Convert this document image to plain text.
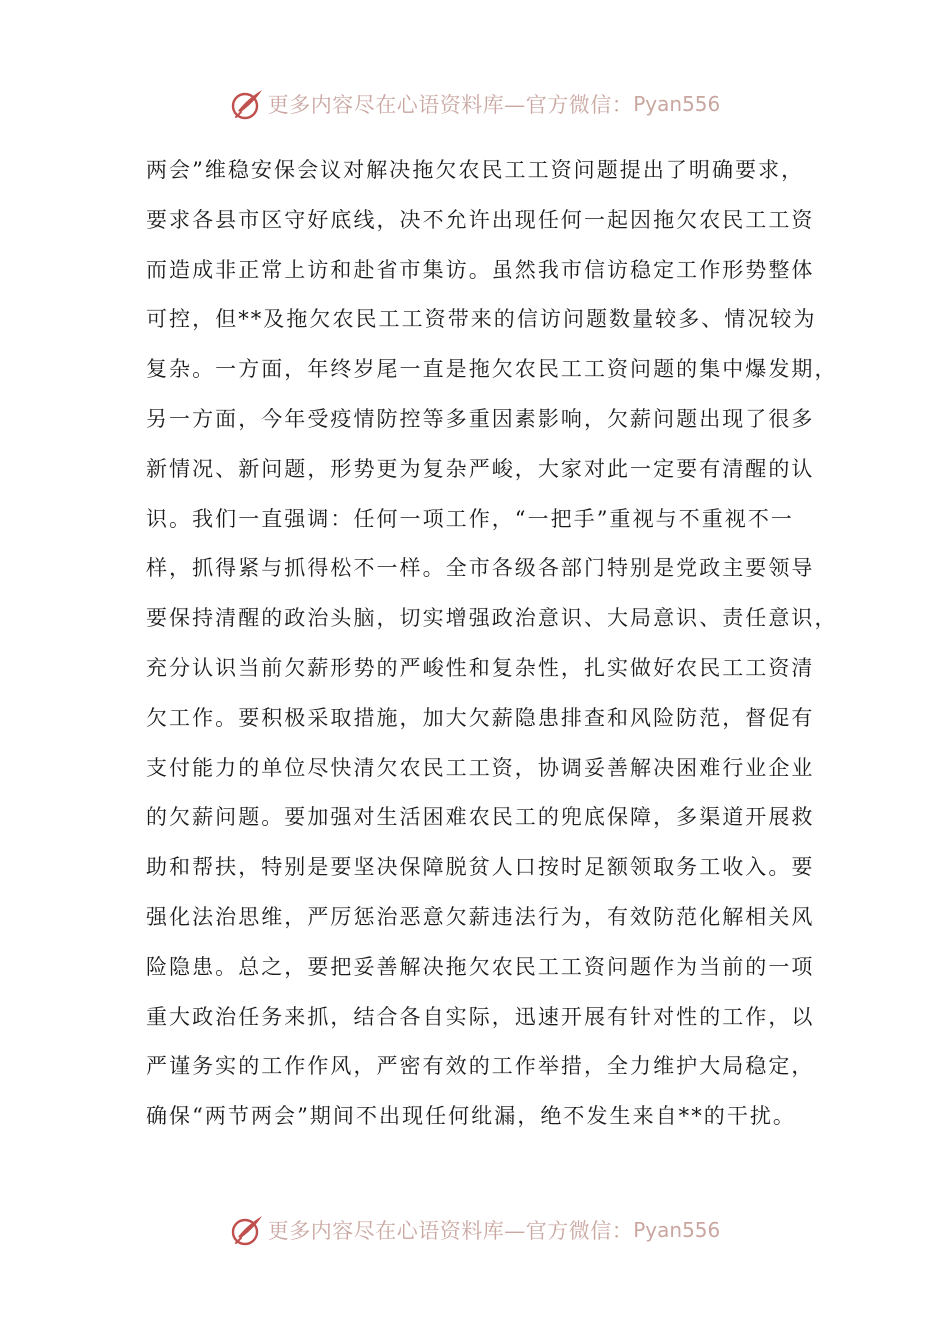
更多内容尽在心语资料库—官方微信： Pyan556
两会”维稳安保会议对解决拖欠农民工工资问题提出了明确要求，
要求各县市区守好底线，决不允许出现任何一起因拖欠农民工工资
而造成非正常上访和赴省市集访。虽然我市信访稳定工作形势整体
可控，但**及拖欠农民工工资带来的信访问题数量较多、情况较为
复杂。一方面，年终岁尾一直是拖欠农民工工资问题的集中爆发期，
另一方面，今年受疫情防控等多重因素影响，欠薪问题出现了很多
新情况、新问题，形势更为复杂严峻，大家对此一定要有清醒的认
识。我们一直强调：任何一项工作，“一把手”重视与不重视不一
样，抓得紧与抓得松不一样。全市各级各部门特别是党政主要领导
要保持清醒的政治头脑，切实增强政治意识、大局意识、责任意识，
充分认识当前欠薪形势的严峻性和复杂性，扎实做好农民工工资清
欠工作。要积极采取措施，加大欠薪隐患排查和风险防范，督促有
支付能力的单位尽快清欠农民工工资，协调妥善解决困难行业企业
的欠薪问题。要加强对生活困难农民工的兜底保障，多渠道开展救
助和帮扶，特别是要坚决保障脱贫人口按时足额领取务工收入。要
强化法治思维，严厉惩治恶意欠薪违法行为，有效防范化解相关风
险隐患。总之，要把妥善解决拖欠农民工工资问题作为当前的一项
重大政治任务来抓，结合各自实际，迅速开展有针对性的工作，以
严谨务实的工作作风，严密有效的工作举措，全力维护大局稳定，
确保“两节两会”期间不出现任何纰漏，绝不发生来自**的干扰。
更多内容尽在心语资料库—官方微信： Pyan556
